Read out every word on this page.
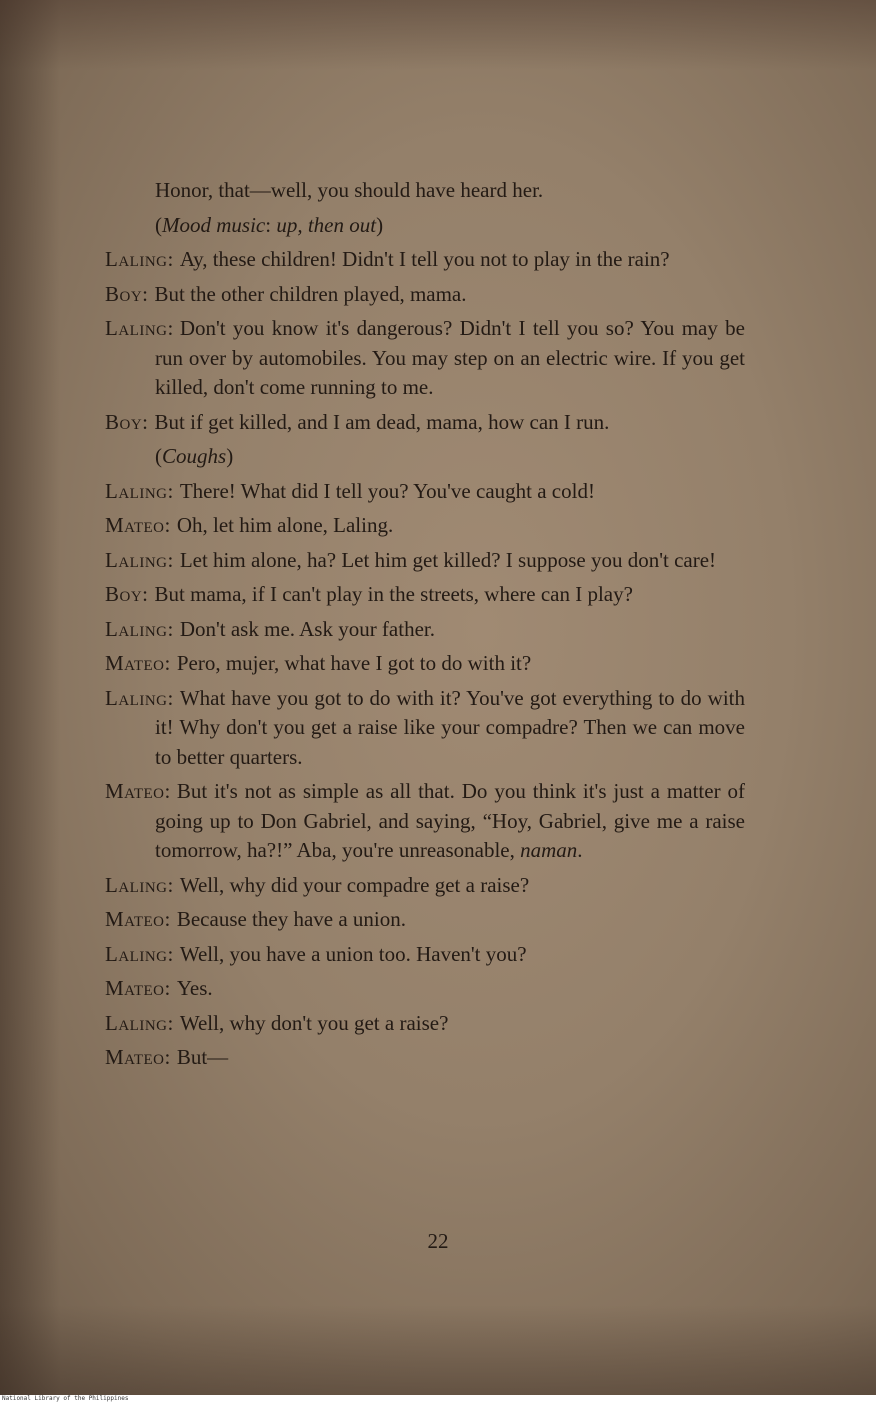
Honor, that—well, you should have heard her.

(Mood music: up, then out)

Laling: Ay, these children! Didn't I tell you not to play in the rain?

Boy: But the other children played, mama.

Laling: Don't you know it's dangerous? Didn't I tell you so? You may be run over by automobiles. You may step on an electric wire. If you get killed, don't come running to me.

Boy: But if get killed, and I am dead, mama, how can I run.

(Coughs)

Laling: There! What did I tell you? You've caught a cold!

Mateo: Oh, let him alone, Laling.

Laling: Let him alone, ha? Let him get killed? I suppose you don't care!

Boy: But mama, if I can't play in the streets, where can I play?

Laling: Don't ask me. Ask your father.

Mateo: Pero, mujer, what have I got to do with it?

Laling: What have you got to do with it? You've got everything to do with it! Why don't you get a raise like your compadre? Then we can move to better quarters.

Mateo: But it's not as simple as all that. Do you think it's just a matter of going up to Don Gabriel, and saying, “Hoy, Gabriel, give me a raise tomorrow, ha?!” Aba, you're unreasonable, naman.

Laling: Well, why did your compadre get a raise?

Mateo: Because they have a union.

Laling: Well, you have a union too. Haven't you?

Mateo: Yes.

Laling: Well, why don't you get a raise?

Mateo: But—

22
National Library of the Philippines
